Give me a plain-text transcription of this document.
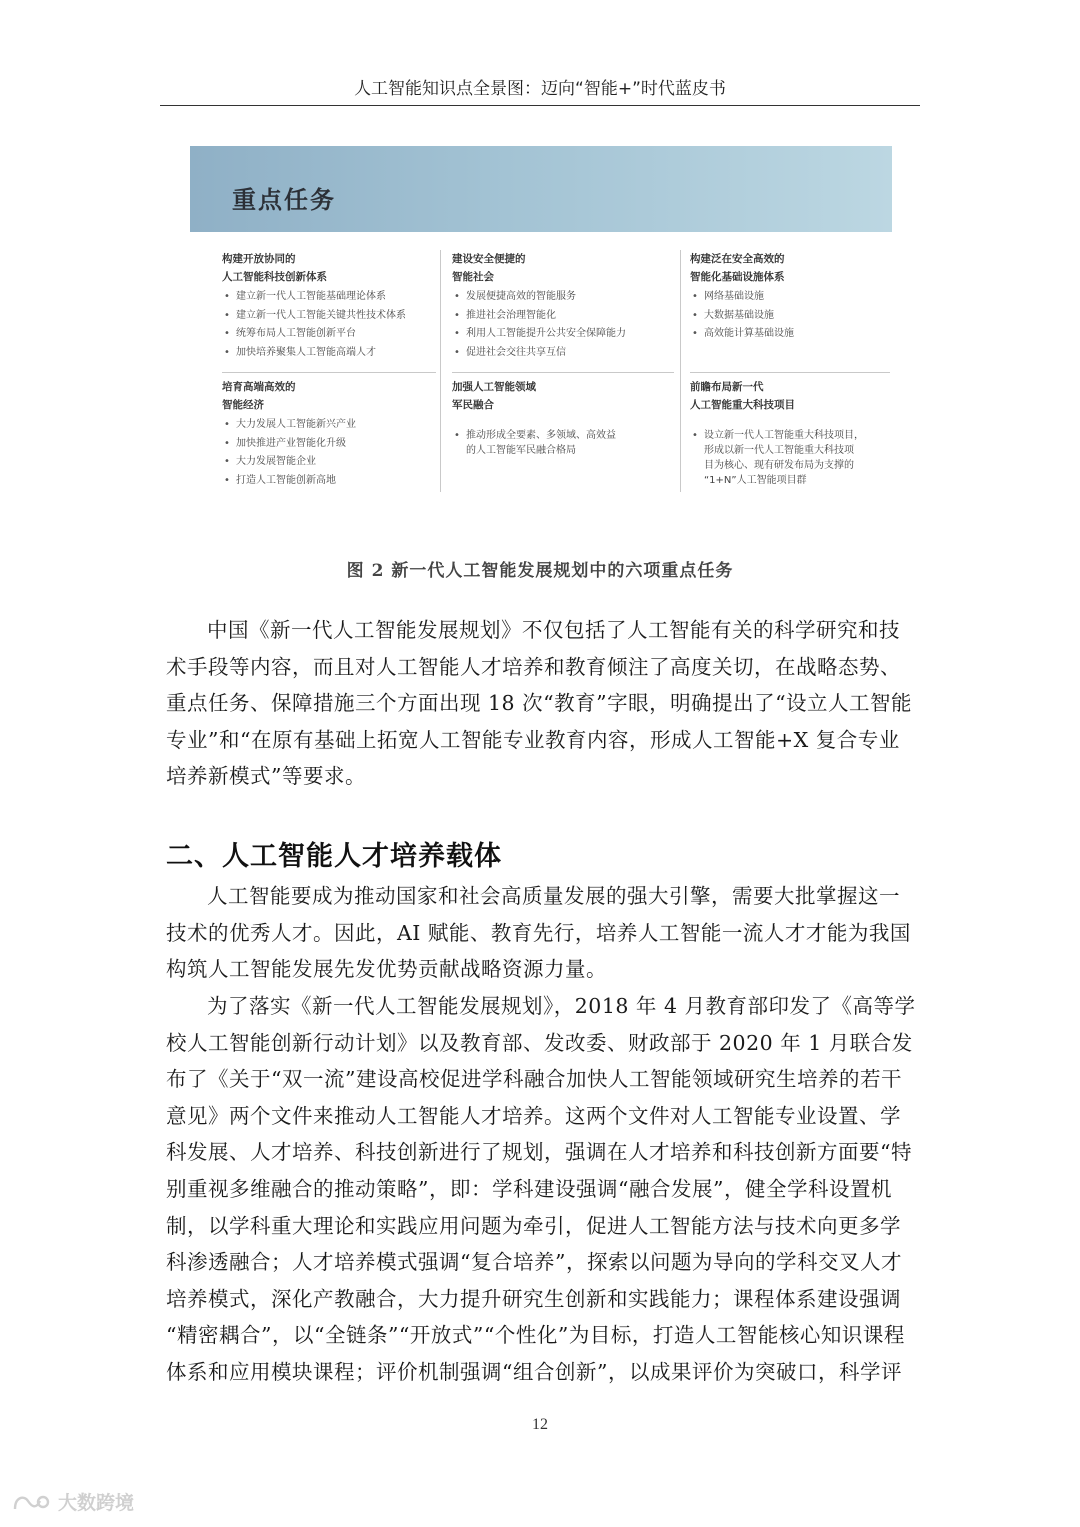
人工智能知识点全景图：迈向“智能+”时代蓝皮书
重点任务
构建开放协同的
人工智能科技创新体系
• 建立新一代人工智能基础理论体系
• 建立新一代人工智能关键共性技术体系
• 统筹布局人工智能创新平台
• 加快培养聚集人工智能高端人才
培育高端高效的
智能经济
• 大力发展人工智能新兴产业
• 加快推进产业智能化升级
• 大力发展智能企业
• 打造人工智能创新高地
建设安全便捷的
智能社会
• 发展便捷高效的智能服务
• 推进社会治理智能化
• 利用人工智能提升公共安全保障能力
• 促进社会交往共享互信
加强人工智能领域
军民融合
• 推动形成全要素、多领域、高效益
的人工智能军民融合格局
构建泛在安全高效的
智能化基础设施体系
• 网络基础设施
• 大数据基础设施
• 高效能计算基础设施
前瞻布局新一代
人工智能重大科技项目
• 设立新一代人工智能重大科技项目，
形成以新一代人工智能重大科技项
目为核心、现有研发布局为支撑的
“1+N”人工智能项目群
图 2 新一代人工智能发展规划中的六项重点任务
中国《新一代人工智能发展规划》不仅包括了人工智能有关的科学研究和技
术手段等内容，而且对人工智能人才培养和教育倾注了高度关切，在战略态势、
重点任务、保障措施三个方面出现 18 次“教育”字眼，明确提出了“设立人工智能
专业”和“在原有基础上拓宽人工智能专业教育内容，形成人工智能+X 复合专业
培养新模式”等要求。
二、人工智能人才培养载体
人工智能要成为推动国家和社会高质量发展的强大引擎，需要大批掌握这一
技术的优秀人才。因此，AI 赋能、教育先行，培养人工智能一流人才才能为我国
构筑人工智能发展先发优势贡献战略资源力量。
为了落实《新一代人工智能发展规划》，2018 年 4 月教育部印发了《高等学
校人工智能创新行动计划》以及教育部、发改委、财政部于 2020 年 1 月联合发
布了《关于“双一流”建设高校促进学科融合加快人工智能领域研究生培养的若干
意见》两个文件来推动人工智能人才培养。这两个文件对人工智能专业设置、学
科发展、人才培养、科技创新进行了规划，强调在人才培养和科技创新方面要“特
别重视多维融合的推动策略”，即：学科建设强调“融合发展”，健全学科设置机
制，以学科重大理论和实践应用问题为牵引，促进人工智能方法与技术向更多学
科渗透融合；人才培养模式强调“复合培养”，探索以问题为导向的学科交叉人才
培养模式，深化产教融合，大力提升研究生创新和实践能力；课程体系建设强调
“精密耦合”，以“全链条”“开放式”“个性化”为目标，打造人工智能核心知识课程
体系和应用模块课程；评价机制强调“组合创新”，以成果评价为突破口，科学评
12
大数跨境
